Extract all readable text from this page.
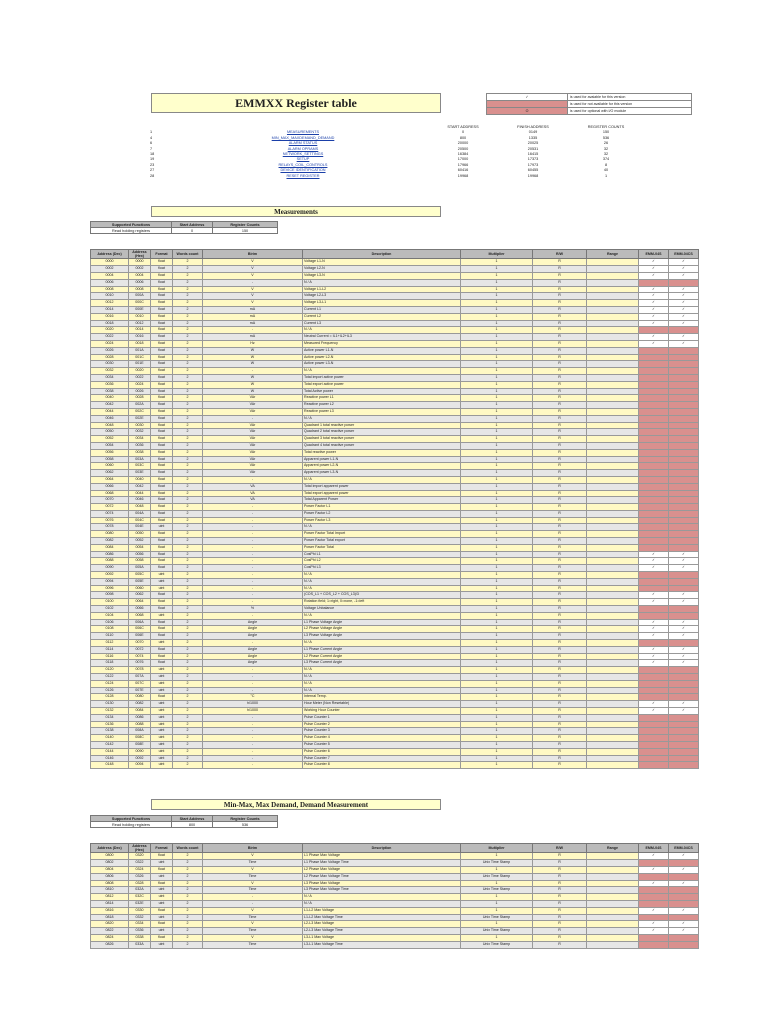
EMMXX Register table	✓	is used for avaiable for this version
	is used for not available for this version
O	is used for optional with I/O module
START ADDRESS	FINISH ADDRESS	REGISTER COUNTS
1	MEASUREMENTS	0	0149	150
4	MIN_MAX_MAXDEMAND_DEMAND	800	1335	536
6	ALARM STATUS	20000	20025	26
7	ALARM OPRAMS	20500	20531	32
18	NETWORK_SETTINGS	16384	16415	32
19	SETUP	17000	17373	374
23	RELAYS_COIL_CONTROLS	17966	17973	8
27	DEVICE IDENTIFICATION	60416	60455	40
28	RESET REGISTER	19968	19968	1
Measurements
Supported Functions	Start Address	Register Counts
Read holding registers	0	150
Address (Dec)	Address (Hex)	Format	Words count	Birim	Description	Multiplier	R/W	Range	EMM-04S	EMM-04CS
0000	0000	float	2	V	Voltage L1-N	1	R		✓	✓
0002	0002	float	2	V	Voltage L2-N	1	R		✓	✓
0004	0004	float	2	V	Voltage L3-N	1	R		✓	✓
0006	0006	float	2	-	N / A	1	R			
0008	0008	float	2	V	Voltage L1-L2	1	R		✓	✓
0010	000A	float	2	V	Voltage L2-L3	1	R		✓	✓
0012	000C	float	2	V	Voltage L3-L1	1	R		✓	✓
0014	000E	float	2	mA	Current L1	1	R		✓	✓
0016	0010	float	2	mA	Current L2	1	R		✓	✓
0018	0012	float	2	mA	Current L3	1	R		✓	✓
0020	0014	float	2	-	N / A	1	R			
0022	0016	float	2	mA	Neutral Current = IL1+IL2+IL3	1	R		✓	✓
0024	0018	float	2	Hz	Measured Frequency	1	R		✓	✓
0026	001A	float	2	W	Active power L1-N	1	R			
0028	001C	float	2	W	Active power L2-N	1	R			
0030	001E	float	2	W	Active power L3-N	1	R			
0032	0020	float	2	-	N / A	1	R			
0034	0022	float	2	W	Total import active power	1	R			
0036	0024	float	2	W	Total export active power	1	R			
0038	0026	float	2	W	Total Active power	1	R			
0040	0028	float	2	VAr	Reactive power L1	1	R			
0042	002A	float	2	VAr	Reactive power L2	1	R			
0044	002C	float	2	VAr	Reactive power L3	1	R			
0046	002E	float	2	-	N / A	1	R			
0048	0030	float	2	VAr	Quadrant 1 total reactive power	1	R			
0050	0032	float	2	VAr	Quadrant 2 total reactive power	1	R			
0052	0034	float	2	VAr	Quadrant 3 total reactive power	1	R			
0054	0036	float	2	VAr	Quadrant 4 total reactive power	1	R			
0056	0038	float	2	VAr	Total reactive power	1	R			
0058	003A	float	2	VAr	Apparent power L1-N	1	R			
0060	003C	float	2	VAr	Apparent power L2-N	1	R			
0062	003E	float	2	VAr	Apparent power L3-N	1	R			
0064	0040	float	2	-	N / A	1	R			
0066	0042	float	2	VA	Total import apparent power	1	R			
0068	0044	float	2	VA	Total export apparent power	1	R			
0070	0046	float	2	VA	Total Apparent Power	1	R			
0072	0048	float	2	-	Power Factor L1	1	R			
0074	004A	float	2	-	Power Factor L2	1	R			
0076	004C	float	2	-	Power Factor L3	1	R			
0078	004E	uint	2	-	N / A	1	R			
0080	0050	float	2	-	Power Factor Total Import	1	R			
0082	0052	float	2	-	Power Factor Total export	1	R			
0084	0054	float	2	-	Power Factor Total	1	R			
0086	0056	float	2	-	CosPhi L1	1	R		✓	✓
0088	0058	float	2	-	CosPhi L2	1	R		✓	✓
0090	005A	float	2	-	CosPhi L3	1	R		✓	✓
0092	005C	uint	2	-	N / A	1	R			
0094	005E	uint	2	-	N / A	1	R			
0096	0060	uint	2	-	N / A	1	R			
0098	0062	float	2	-	(COS_L1 + COS_L2 + COS_L3)/3	1	R		✓	✓
0100	0064	float	2	-	Rotation field; 1=right, 0=none, -1=left	1	R		✓	✓
0102	0066	float	2	%	Voltage Unbalance	1	R			
0104	0068	uint	2	-	N / A	1	R			
0106	006A	float	2	Angle	L1 Phase Voltage Angle	1	R		✓	✓
0108	006C	float	2	Angle	L2 Phase Voltage Angle	1	R		✓	✓
0110	006E	float	2	Angle	L3 Phase Voltage Angle	1	R		✓	✓
0112	0070	uint	2	-	N / A	1	R			
0114	0072	float	2	Angle	L1 Phase Current Angle	1	R		✓	✓
0116	0074	float	2	Angle	L2 Phase Current Angle	1	R		✓	✓
0118	0076	float	2	Angle	L3 Phase Current Angle	1	R		✓	✓
0120	0078	uint	2	-	N / A	1	R			
0122	007A	uint	2	-	N / A	1	R			
0124	007C	uint	2	-	N / A	1	R			
0126	007E	uint	2	-	N / A	1	R			
0128	0080	float	2	°C	Internal Temp.	1	R			
0130	0082	uint	2	h/1000	Hour Meter (Non Resetable)	1	R		✓	✓
0132	0084	uint	2	h/1000	Working Hour Counter	1	R		✓	✓
0134	0086	uint	2	-	Pulse Counter 1	1	R			
0136	0088	uint	2	-	Pulse Counter 2	1	R			
0138	008A	uint	2	-	Pulse Counter 3	1	R			
0140	008C	uint	2	-	Pulse Counter 4	1	R			
0142	008E	uint	2	-	Pulse Counter 5	1	R			
0144	0090	uint	2	-	Pulse Counter 6	1	R			
0146	0092	uint	2	-	Pulse Counter 7	1	R			
0148	0094	uint	2	-	Pulse Counter 8	1	R			
Min-Max, Max Demand, Demand Measurement
Supported Functions	Start Address	Register Counts
Read holding registers	800	536
Address (Dec)	Address (Hex)	Format	Words count	Birim	Description	Multiplier	R/W	Range	EMM-04S	EMM-04CS
0800	0320	float	2	V	L1 Phase Max Voltage	1	R		✓	✓
0802	0322	uint	2	Time	L1 Phase Max Voltage Time	Unix Time Stamp	R			
0804	0324	float	2	V	L2 Phase Max Voltage	1	R		✓	✓
0806	0326	uint	2	Time	L2 Phase Max Voltage Time	Unix Time Stamp	R			
0808	0328	float	2	V	L3 Phase Max Voltage	1	R		✓	✓
0810	032A	uint	2	Time	L3 Phase Max Voltage Time	Unix Time Stamp	R			
0812	032C	uint	2	-	N / A	1	R			
0814	032E	uint	2	-	N / A	1	R			
0816	0330	float	2	V	L1-L2 Max Voltage	1	R		✓	✓
0818	0332	uint	2	Time	L1-L2 Max Voltage Time	Unix Time Stamp	R			
0820	0334	float	2	V	L2-L3 Max Voltage	1	R		✓	✓
0822	0336	uint	2	Time	L2-L3 Max Voltage Time	Unix Time Stamp	R		✓	✓
0824	0338	float	2	V	L3-L1 Max Voltage	1	R			
0826	033A	uint	2	Time	L3-L1 Max Voltage Time	Unix Time Stamp	R			
